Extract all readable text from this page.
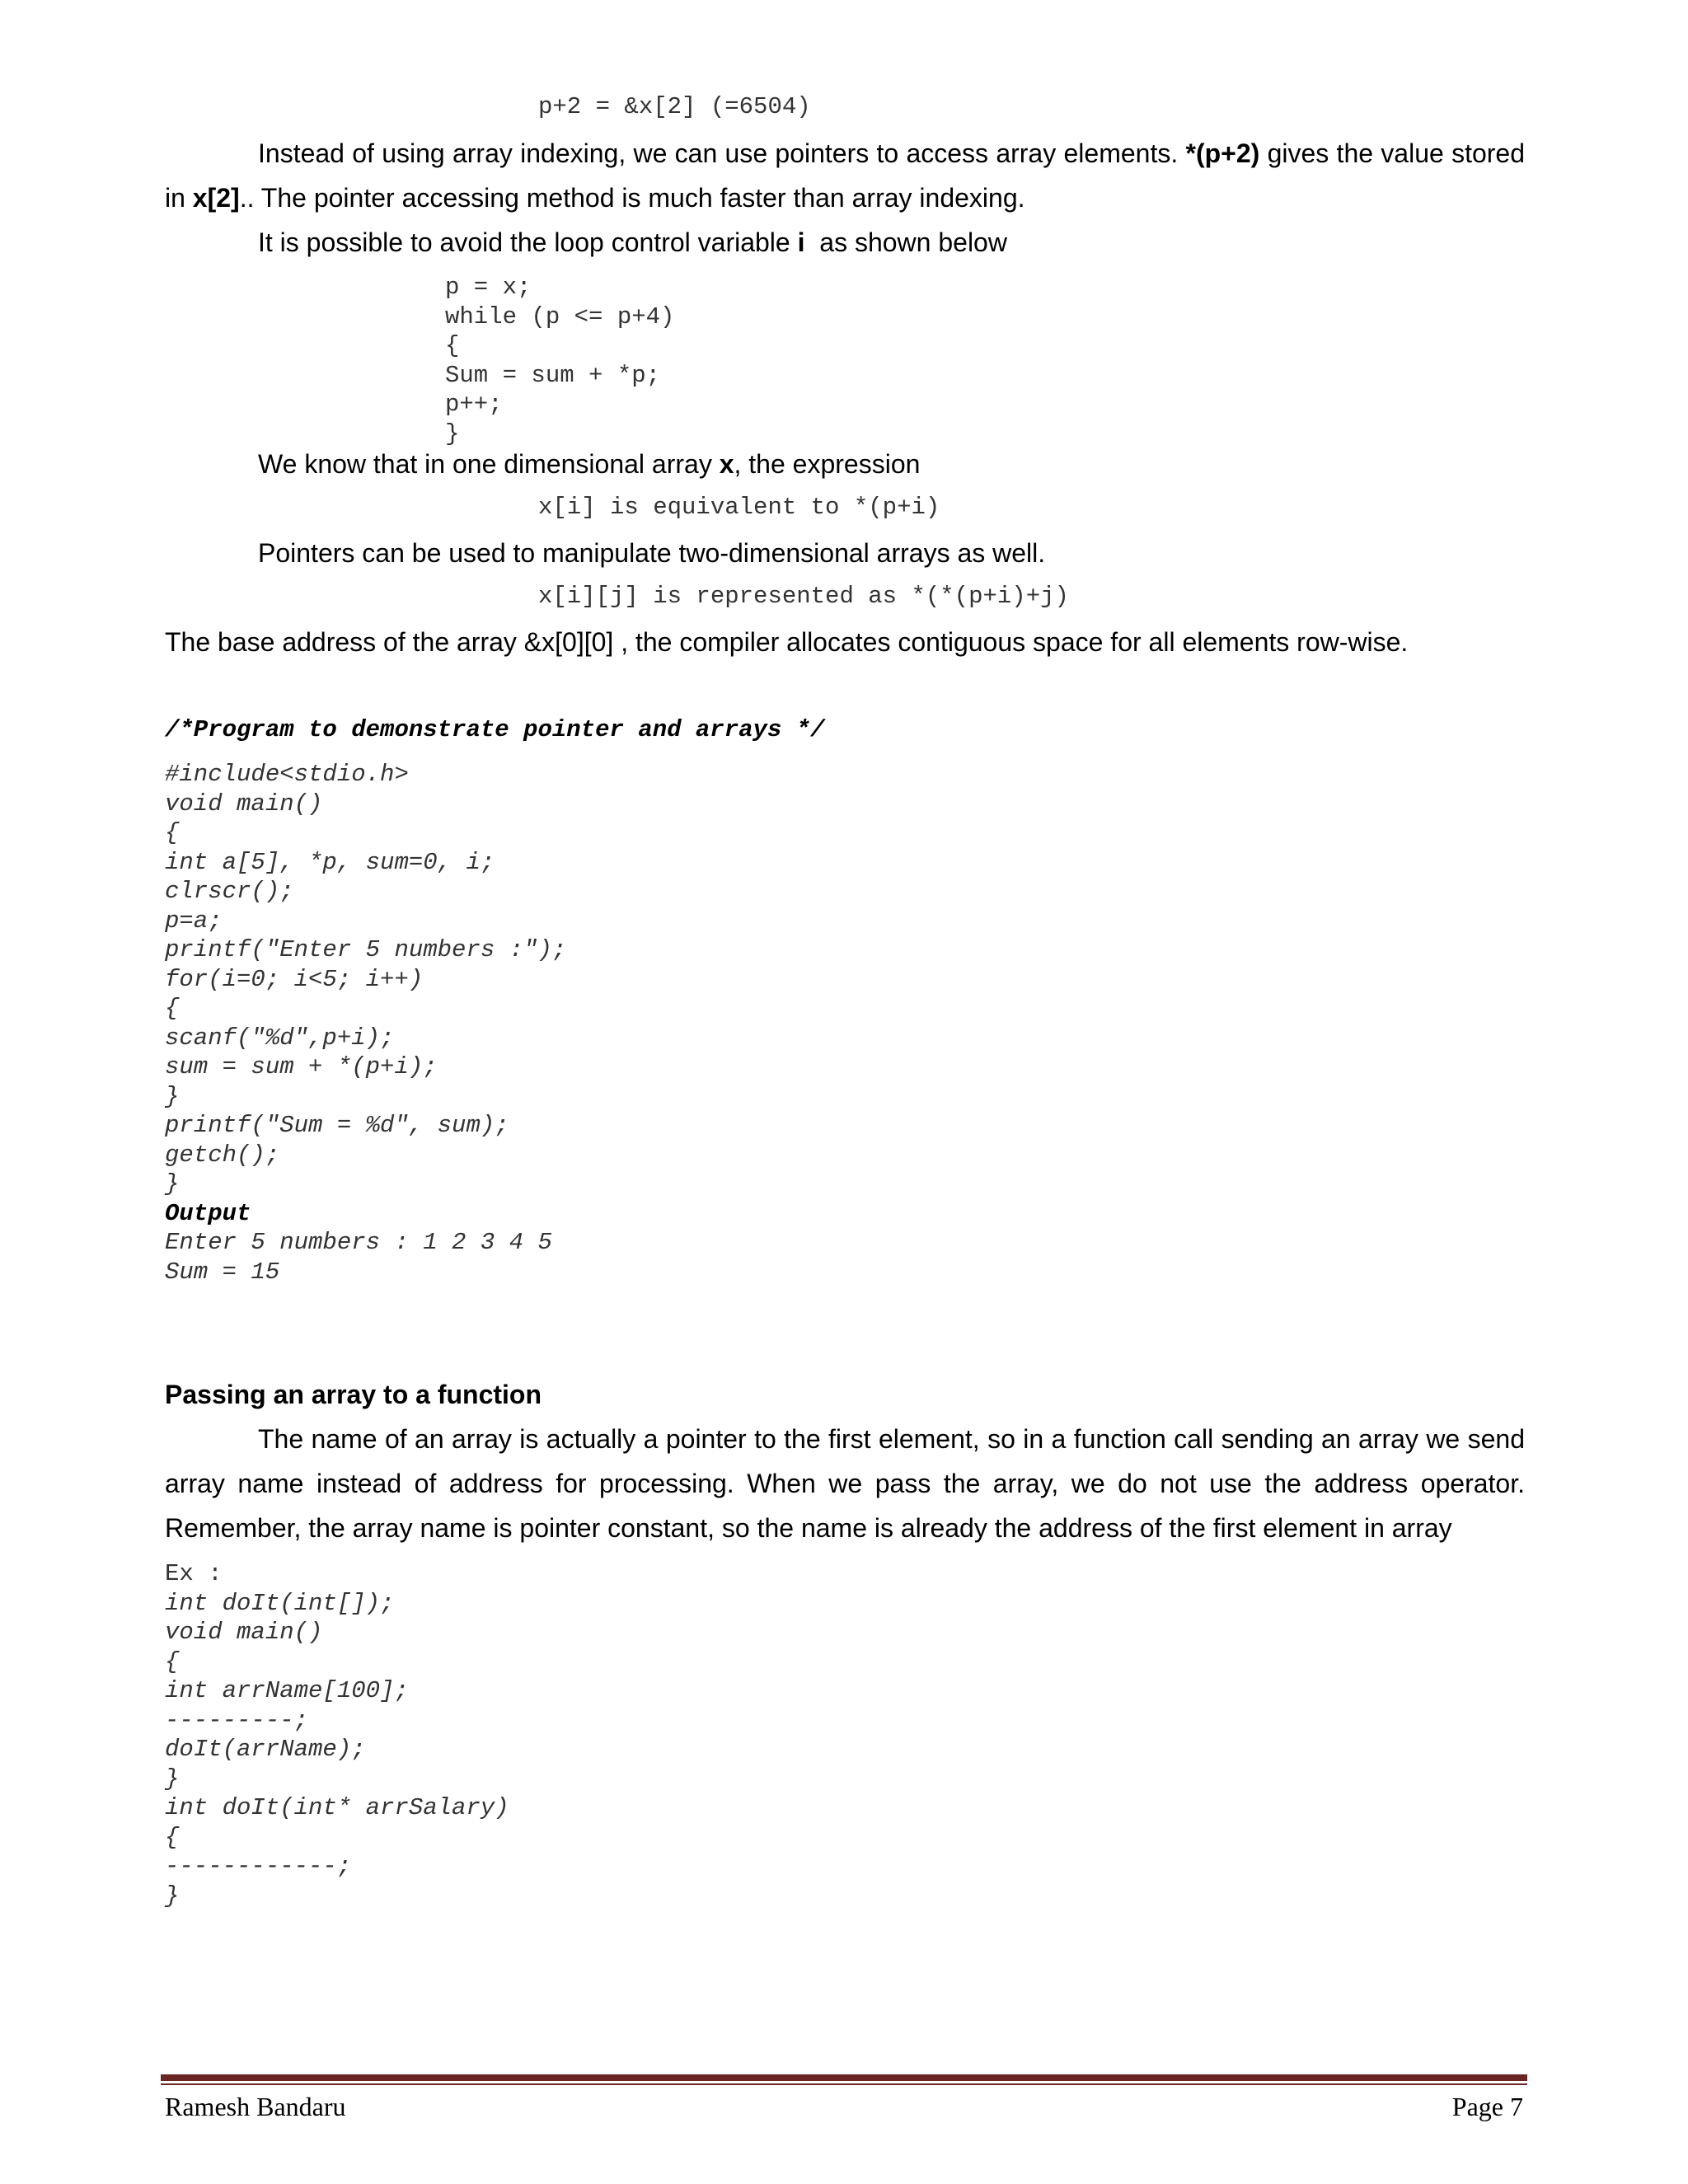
p+2 = &x[2] (=6504)
Instead of using array indexing, we can use pointers to access array elements. *(p+2) gives the value stored
in x[2].. The pointer accessing method is much faster than array indexing.
It is possible to avoid the loop control variable i  as shown below
p = x;
while (p <= p+4)
{
Sum = sum + *p;
p++;
}
We know that in one dimensional array x, the expression
x[i] is equivalent to *(p+i)
Pointers can be used to manipulate two-dimensional arrays as well.
x[i][j] is represented as *(*(p+i)+j)
The base address of the array &x[0][0] , the compiler allocates contiguous space for all elements row-wise.
/*Program to demonstrate pointer and arrays */
#include<stdio.h>
void main()
{
int a[5], *p, sum=0, i;
clrscr();
p=a;
printf("Enter 5 numbers :");
for(i=0; i<5; i++)
{
scanf("%d",p+i);
sum = sum + *(p+i);
}
printf("Sum = %d", sum);
getch();
}
Output
Enter 5 numbers : 1 2 3 4 5
Sum = 15
Passing an array to a function
The name of an array is actually a pointer to the first element, so in a function call sending an array we send
array name instead of address for processing. When we pass the array, we do not use the address operator.
Remember, the array name is pointer constant, so the name is already the address of the first element in array
Ex :
int doIt(int[]);
void main()
{
int arrName[100];
---------;
doIt(arrName);
}
int doIt(int* arrSalary)
{
------------;
}
Ramesh Bandaru	Page 7
